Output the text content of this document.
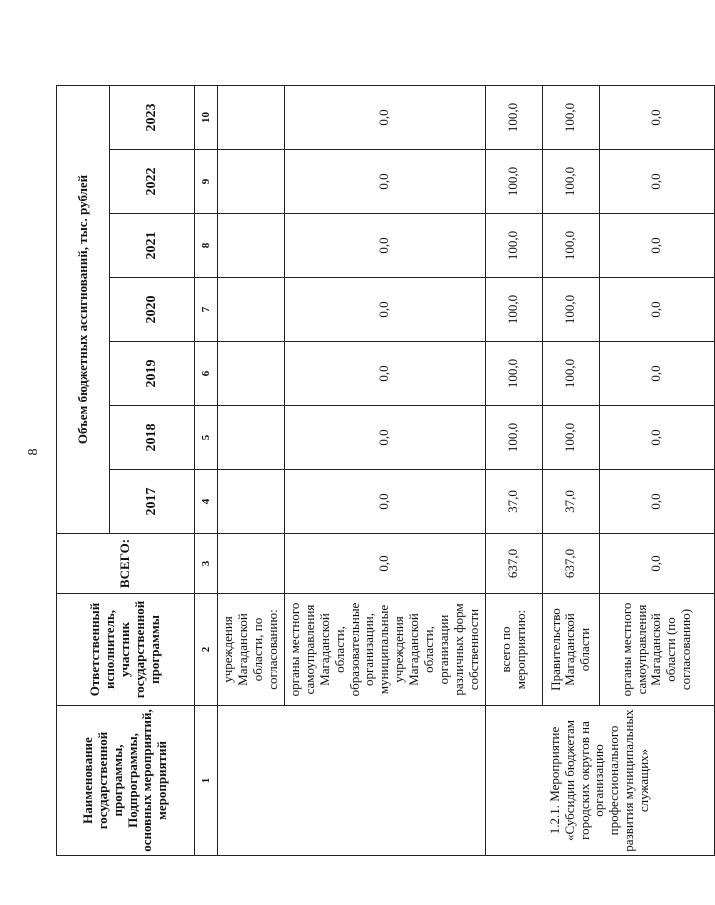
8
Наименование государственной программы, Подпрограммы, основных мероприятий, мероприятий	Ответственный исполнитель, участник государственной программы	ВСЕГО:	Объем бюджетных ассигнований, тыс. рублей						
			2017	2018	2019	2020	2021	2022	2023
1	2	3	4	5	6	7	8	9	10
	учреждения Магаданской области, по согласованию:								
	органы местного самоуправления Магаданской области, образовательные организации, муниципальные учреждения Магаданской области, организации различных форм собственности	0,0	0,0	0,0	0,0	0,0	0,0	0,0	0,0
1.2.1. Мероприятие «Субсидии бюджетам городских округов на организацию профессионального развития муниципальных служащих»	всего по мероприятию:	637,0	37,0	100,0	100,0	100,0	100,0	100,0	100,0
	Правительство Магаданской области	637,0	37,0	100,0	100,0	100,0	100,0	100,0	100,0
	органы местного самоуправления Магаданской области (по согласованию)	0,0	0,0	0,0	0,0	0,0	0,0	0,0	0,0
